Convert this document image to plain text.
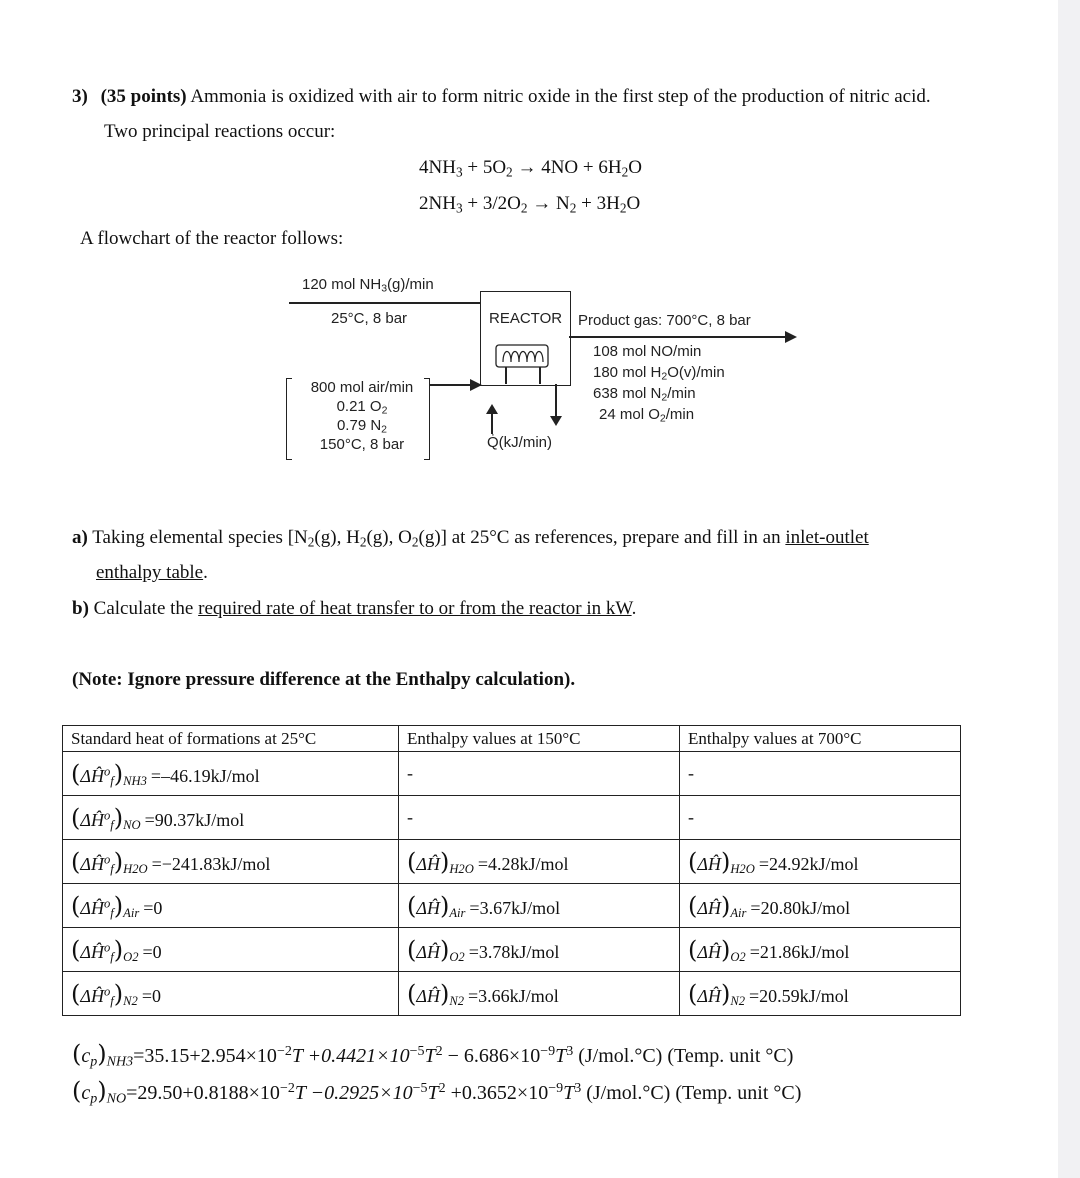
3) (35 points) Ammonia is oxidized with air to form nitric oxide in the first step of the production of nitric acid.
Two principal reactions occur:
$4NH_3 + 5O_2 \to 4NO + 6H_2O$
$2NH_3 + 3/2O_2 \to N_2 + 3H_2O$
A flowchart of the reactor follows:
120 mol $NH_3(g)/\min$
25°C, 8 bar	REACTOR Product gas: 700°C, 8 bar
108 mol NO/min
180 mol $H_2O(v)/\min$
638 mol $N_2/\min$
24 mol $O_2/\min$
800 mol air/min
0.21 $O_2$
0.79 $N_2$
150°C, 8 bar	Q̇(kJ/min)
a) Taking elemental species [$N_2(g)$, $H_2(g)$, $O_2(g)$] at 25°C as references, prepare and fill in an inlet-outlet
enthalpy table.
b) Calculate the required rate of heat transfer to or from the reactor in kW.
(Note: Ignore pressure difference at the Enthalpy calculation).
Standard heat of formations at 25°C	Enthalpy values at 150°C	Enthalpy values at 700°C
$(\Delta Ĥ^o_f)_{NH3} =-46.19kJ/mol$	-	-
$(\Delta Ĥ^o_f)_{NO} =90.37kJ/mol$	-	-
$(\Delta Ĥ^o_f)_{H2O} =-241.83kJ/mol$	$(\Delta Ĥ)_{H2O} =4.28kJ/mol$	$(\Delta Ĥ)_{H2O} =24.92kJ/mol$
$(\Delta Ĥ^o_f)_{Air} =0$	$(\Delta Ĥ)_{Air} =3.67kJ/mol$	$(\Delta Ĥ)_{Air} =20.80kJ/mol$
$(\Delta Ĥ^o_f)_{O2} =0$	$(\Delta Ĥ)_{O2} =3.78kJ/mol$	$(\Delta Ĥ)_{O2} =21.86kJ/mol$
$(\Delta Ĥ^o_f)_{N2} =0$	$(\Delta Ĥ)_{N2} =3.66kJ/mol$	$(\Delta Ĥ)_{N2} =20.59kJ/mol$
$(c_p)_{NH3}=35.15+2.954\times 10^{-2}T +0.4421\times 10^{-5}T^2 - 6.686\times 10^{-9}T^3$ (J/mol.°C) (Temp. unit °C)
$(c_p)_{NO}=29.50+0.8188\times 10^{-2}T -0.2925\times 10^{-5}T^2 +0.3652\times 10^{-9}T^3$ (J/mol.°C) (Temp. unit °C)
